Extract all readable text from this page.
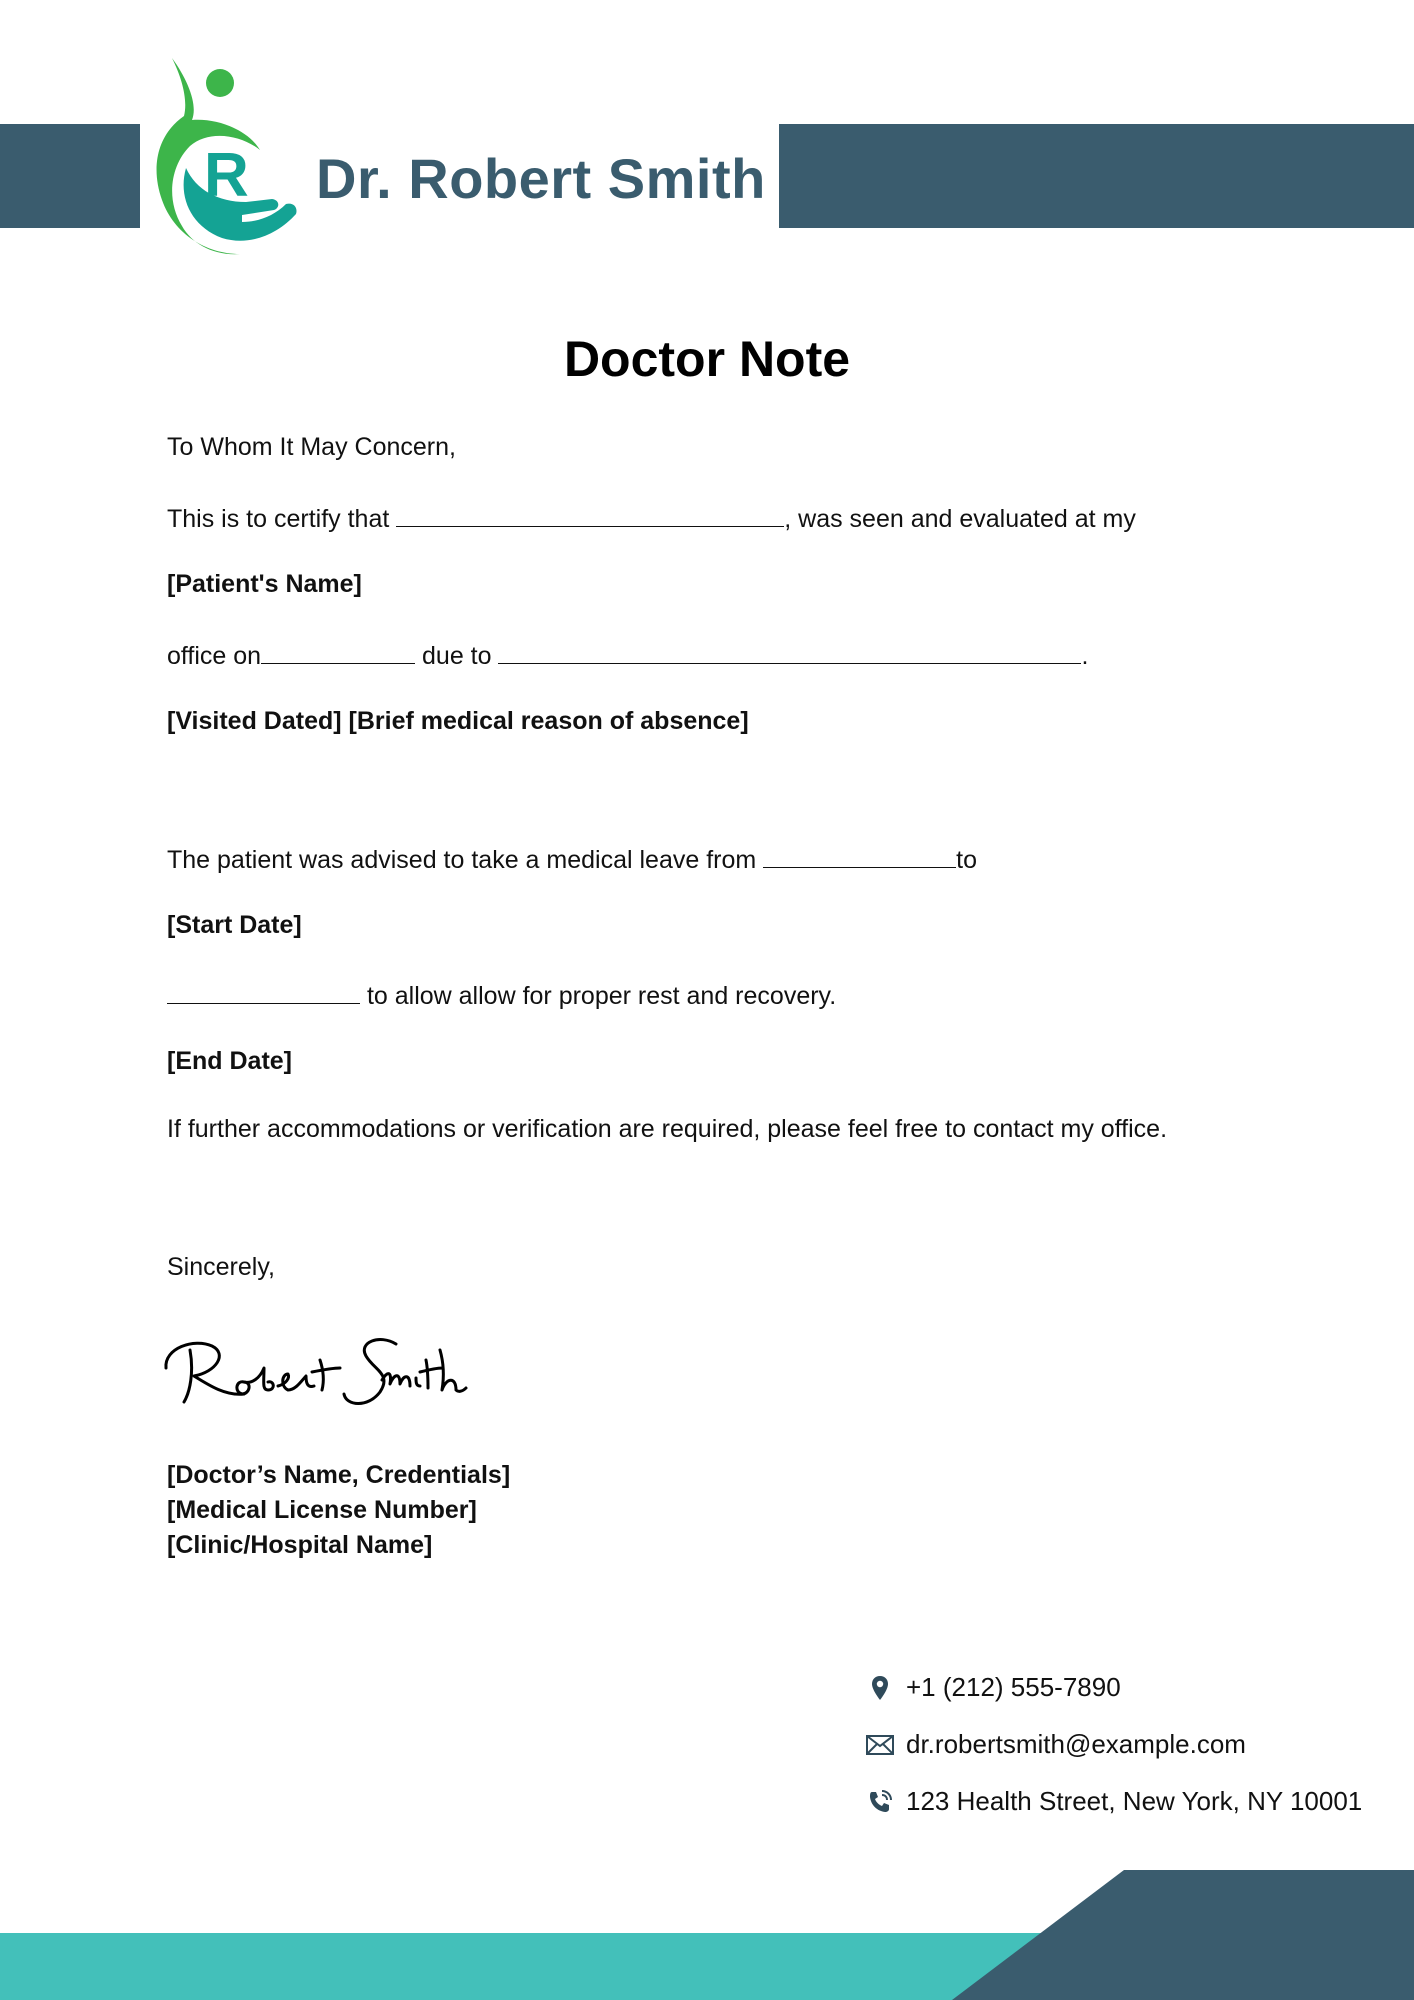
R Dr. Robert Smith
Doctor Note
To Whom It May Concern,
This is to certify that	, was seen and evaluated at my
[Patient's Name]
office on	due to	.
[Visited Dated] [Brief medical reason of absence]
The patient was advised to take a medical leave from	to
[Start Date]
to allow allow for proper rest and recovery.
[End Date]
If further accommodations or verification are required, please feel free to contact my office.
Sincerely,
[Doctor’s Name, Credentials]
[Medical License Number]
[Clinic/Hospital Name]
+1 (212) 555-7890
dr.robertsmith@example.com
123 Health Street, New York, NY 10001
